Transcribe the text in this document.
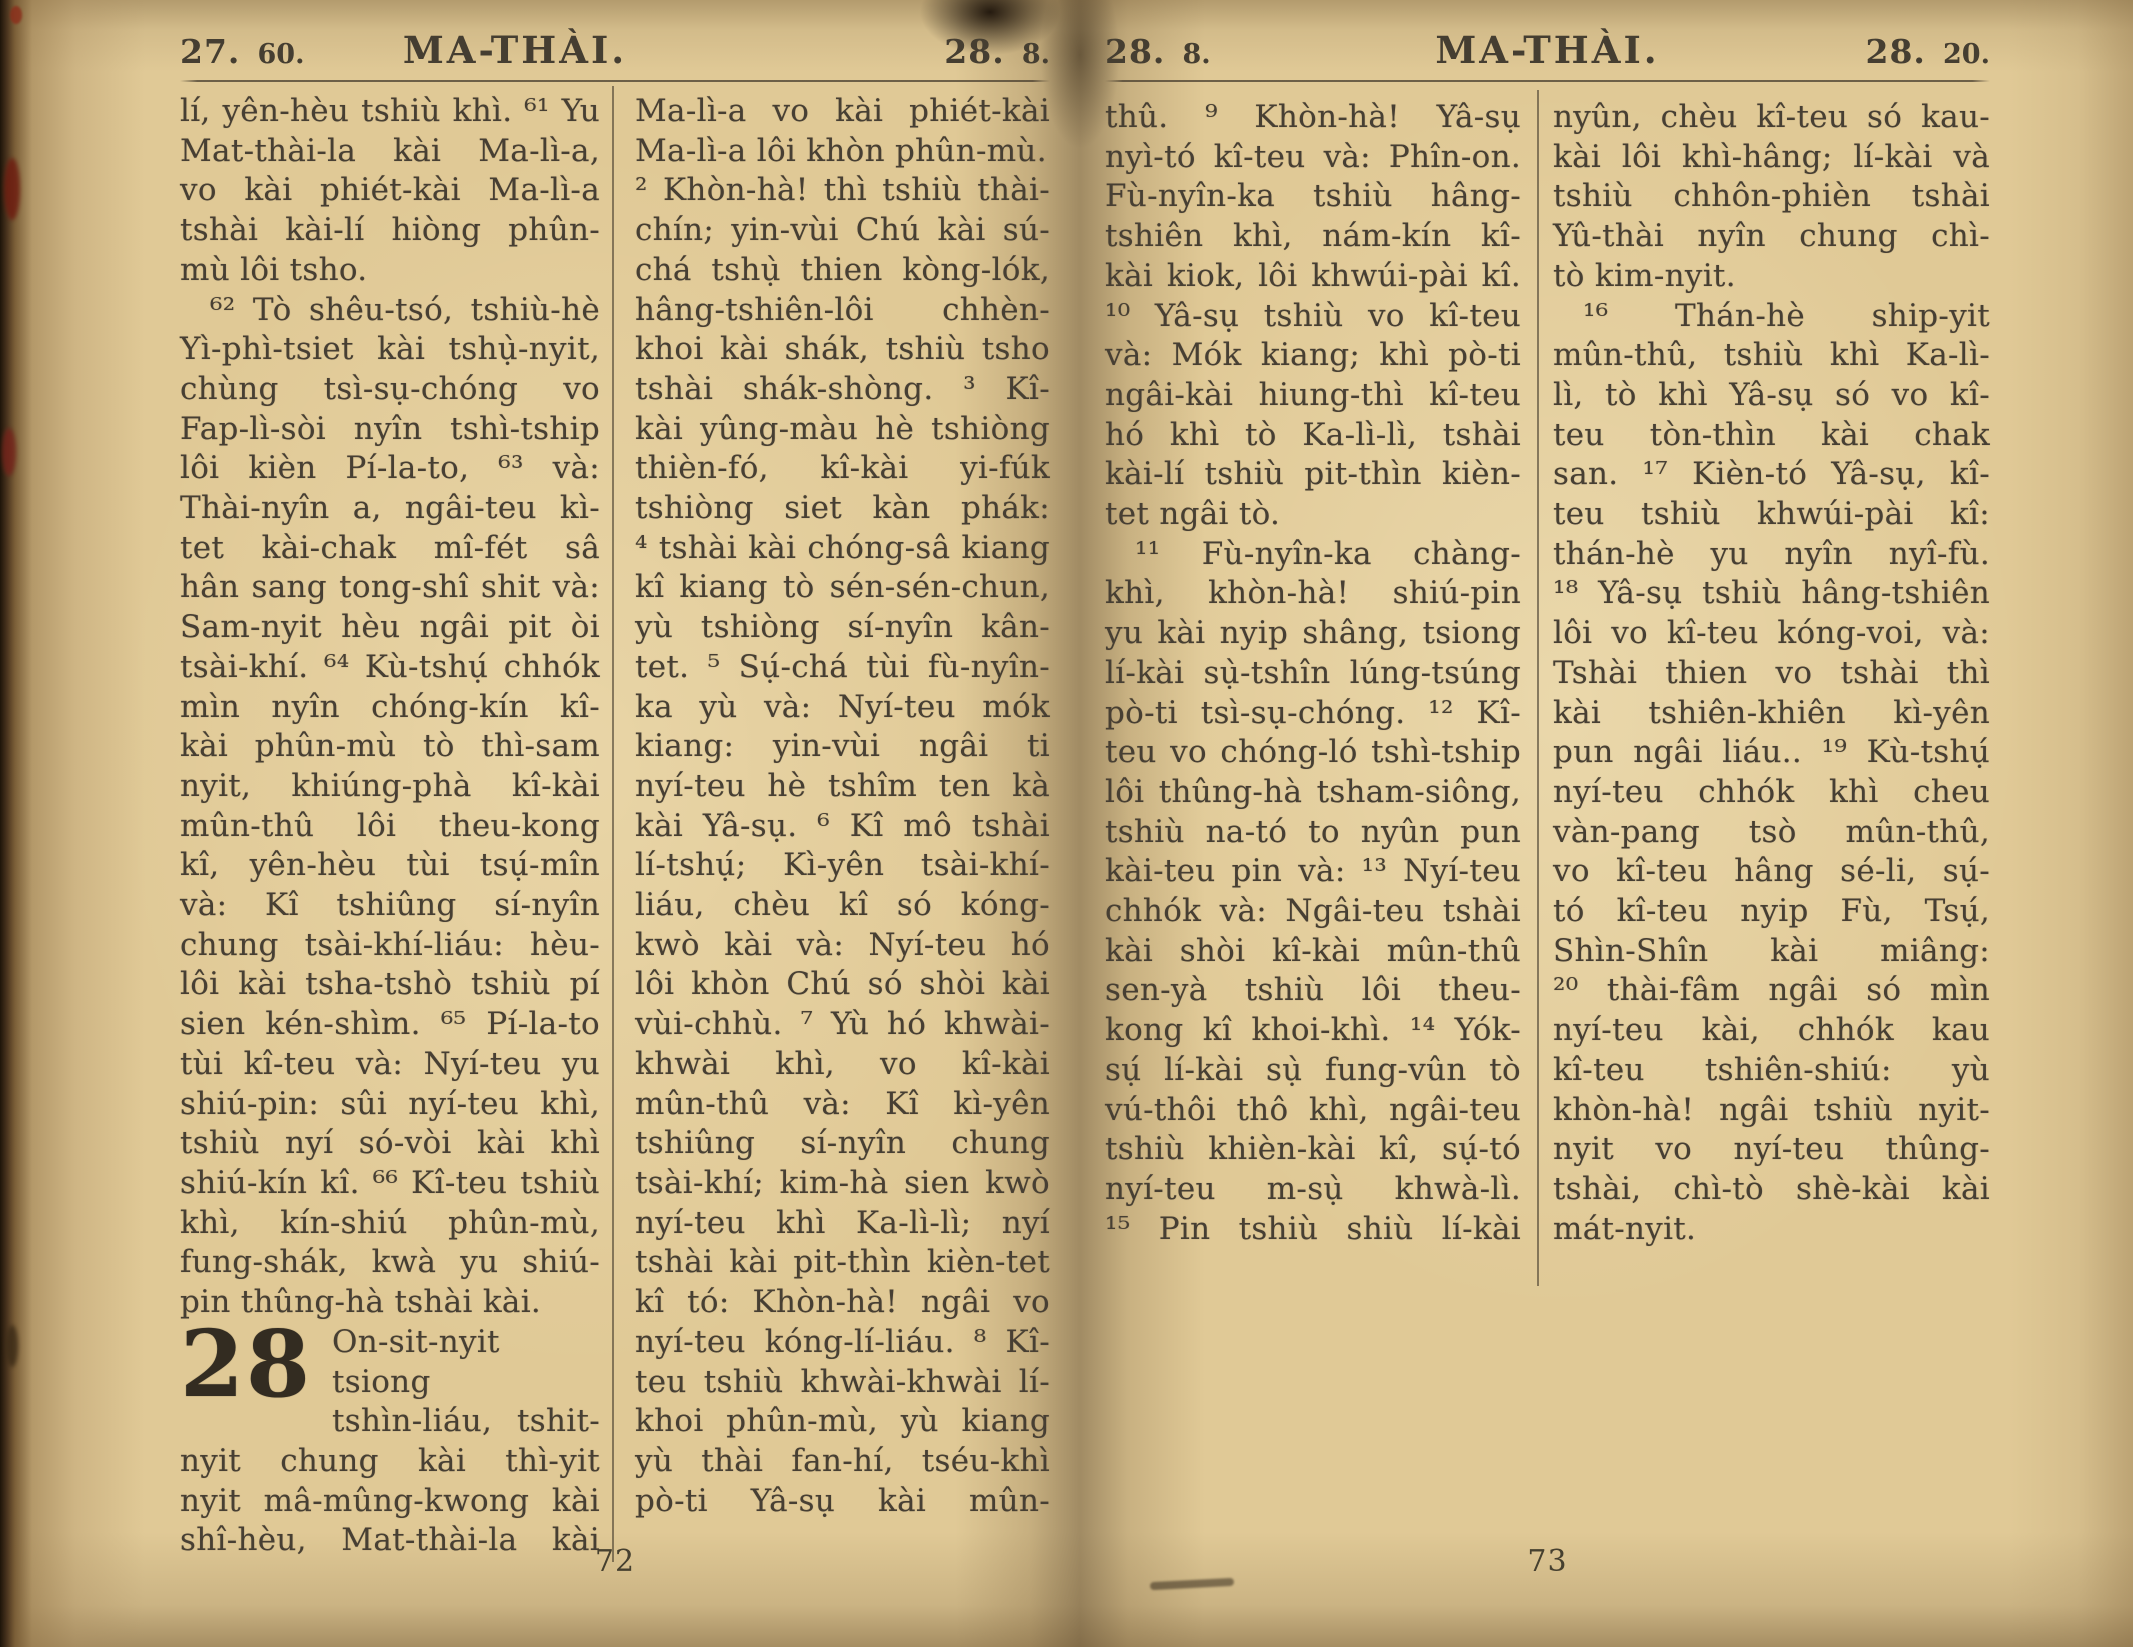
27. 60.	MA-THÀI.	28. 8.
lí, yên-hèu tshiù khì. ⁶¹ Yu
Mat-thài-la kài Ma-lì-a,
vo kài phiét-kài Ma-lì-a
tshài kài-lí hiòng phûn-
mù lôi tsho.
⁶² Tò shêu-tsó, tshiù-hè
Yì-phì-tsiet kài tshụ̀-nyit,
chùng tsì-sụ-chóng vo
Fap-lì-sòi nyîn tshì-tship
lôi kièn Pí-la-to, ⁶³ và:
Thài-nyîn a, ngâi-teu kì-
tet kài-chak mî-fét sâ
hân sang tong-shî shit và:
Sam-nyit hèu ngâi pit òi
tsài-khí. ⁶⁴ Kù-tshụ́ chhók
mìn nyîn chóng-kín kî-
kài phûn-mù tò thì-sam
nyit, khiúng-phà kî-kài
mûn-thû lôi theu-kong
kî, yên-hèu tùi tsụ́-mîn
và: Kî tshiûng sí-nyîn
chung tsài-khí-liáu: hèu-
lôi kài tsha-tshò tshiù pí
sien kén-shìm. ⁶⁵ Pí-la-to
tùi kî-teu và: Nyí-teu yu
shiú-pin: sûi nyí-teu khì,
tshiù nyí só-vòi kài khì
shiú-kín kî. ⁶⁶ Kî-teu tshiù
khì, kín-shiú phûn-mù,
fung-shák, kwà yu shiú-
pin thûng-hà tshài kài.
28 On-sit-nyit tsiong
tshìn-liáu, tshit-
nyit chung kài thì-yit
nyit mâ-mûng-kwong kài
shî-hèu, Mat-thài-la kài
Ma-lì-a vo kài phiét-kài
Ma-lì-a lôi khòn phûn-mù.
² Khòn-hà! thì tshiù thài-
chín; yin-vùi Chú kài sú-
chá tshụ̀ thien kòng-lók,
hâng-tshiên-lôi chhèn-
khoi kài shák, tshiù tsho
tshài shák-shòng. ³ Kî-
kài yûng-màu hè tshiòng
thièn-fó, kî-kài yi-fúk
tshiòng siet kàn phák:
⁴ tshài kài chóng-sâ kiang
kî kiang tò sén-sén-chun,
yù tshiòng sí-nyîn kân-
tet. ⁵ Sụ́-chá tùi fù-nyîn-
ka yù và: Nyí-teu mók
kiang: yin-vùi ngâi ti
nyí-teu hè tshîm ten kà
kài Yâ-sụ. ⁶ Kî mô tshài
lí-tshụ́; Kì-yên tsài-khí-
liáu, chèu kî só kóng-
kwò kài và: Nyí-teu hó
lôi khòn Chú só shòi kài
vùi-chhù. ⁷ Yù hó khwài-
khwài khì, vo kî-kài
mûn-thû và: Kî kì-yên
tshiûng sí-nyîn chung
tsài-khí; kim-hà sien kwò
nyí-teu khì Ka-lì-lì; nyí
tshài kài pit-thìn kièn-tet
kî tó: Khòn-hà! ngâi vo
nyí-teu kóng-lí-liáu. ⁸ Kî-
teu tshiù khwài-khwài lí-
khoi phûn-mù, yù kiang
yù thài fan-hí, tséu-khì
pò-ti Yâ-sụ kài mûn-
72
28. 8.	MA-THÀI.	28. 20.
thû. ⁹ Khòn-hà! Yâ-sụ
nyì-tó kî-teu và: Phîn-on.
Fù-nyîn-ka tshiù hâng-
tshiên khì, nám-kín kî-
kài kiok, lôi khwúi-pài kî.
¹⁰ Yâ-sụ tshiù vo kî-teu
và: Mók kiang; khì pò-ti
ngâi-kài hiung-thì kî-teu
hó khì tò Ka-lì-lì, tshài
kài-lí tshiù pit-thìn kièn-
tet ngâi tò.
¹¹ Fù-nyîn-ka chàng-
khì, khòn-hà! shiú-pin
yu kài nyip shâng, tsiong
lí-kài sụ̀-tshîn lúng-tsúng
pò-ti tsì-sụ-chóng. ¹² Kî-
teu vo chóng-ló tshì-tship
lôi thûng-hà tsham-siông,
tshiù na-tó to nyûn pun
kài-teu pin và: ¹³ Nyí-teu
chhók và: Ngâi-teu tshài
kài shòi kî-kài mûn-thû
sen-yà tshiù lôi theu-
kong kî khoi-khì. ¹⁴ Yók-
sụ́ lí-kài sụ̀ fung-vûn tò
vú-thôi thô khì, ngâi-teu
tshiù khièn-kài kî, sụ́-tó
nyí-teu m-sụ̀ khwà-lì.
¹⁵ Pin tshiù shiù lí-kài
nyûn, chèu kî-teu só kau-
kài lôi khì-hâng; lí-kài và
tshiù chhôn-phièn tshài
Yû-thài nyîn chung chì-
tò kim-nyit.
¹⁶ Thán-hè ship-yit
mûn-thû, tshiù khì Ka-lì-
lì, tò khì Yâ-sụ só vo kî-
teu tòn-thìn kài chak
san. ¹⁷ Kièn-tó Yâ-sụ, kî-
teu tshiù khwúi-pài kî:
thán-hè yu nyîn nyî-fù.
¹⁸ Yâ-sụ tshiù hâng-tshiên
lôi vo kî-teu kóng-voi, và:
Tshài thien vo tshài thì
kài tshiên-khiên kì-yên
pun ngâi liáu.. ¹⁹ Kù-tshụ́
nyí-teu chhók khì cheu
vàn-pang tsò mûn-thû,
vo kî-teu hâng sé-li, sụ́-
tó kî-teu nyip Fù, Tsụ́,
Shìn-Shîn kài miâng:
²⁰ thài-fâm ngâi só mìn
nyí-teu kài, chhók kau
kî-teu tshiên-shiú: yù
khòn-hà! ngâi tshiù nyit-
nyit vo nyí-teu thûng-
tshài, chì-tò shè-kài kài
mát-nyit.
73
